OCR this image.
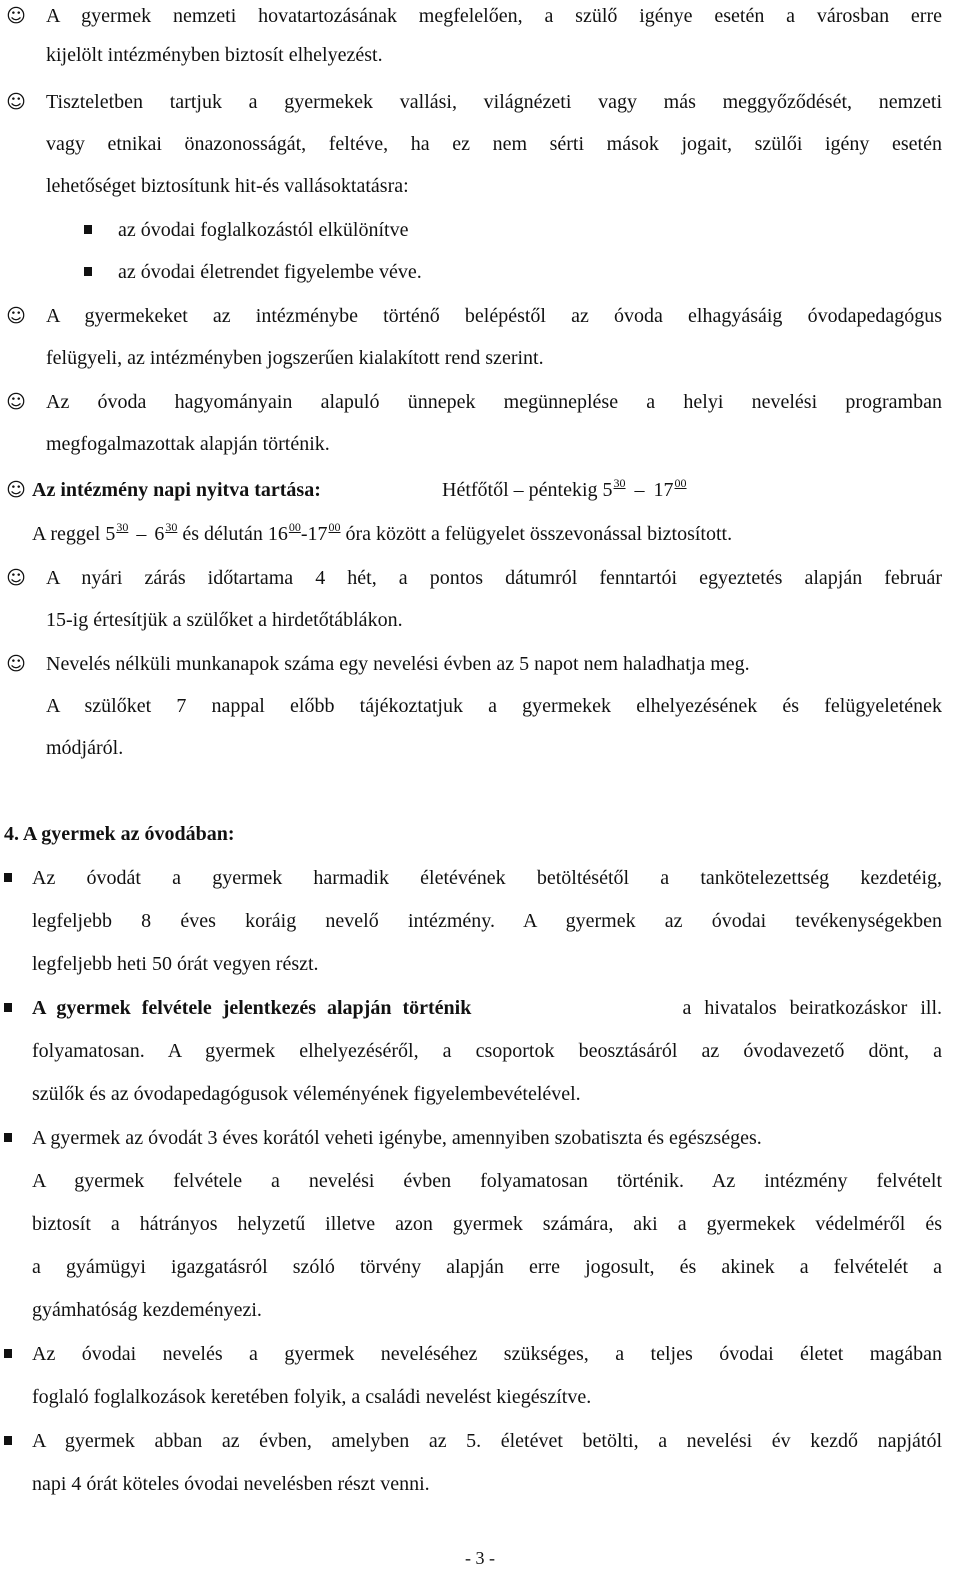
☺ A gyermek nemzeti hovatartozásának megfelelően, a szülő igénye esetén a városban erre
kijelölt intézményben biztosít elhelyezést.
☺ Tiszteletben tartjuk a gyermekek vallási, világnézeti vagy más meggyőződését, nemzeti
vagy etnikai önazonosságát, feltéve, ha ez nem sérti mások jogait, szülői igény esetén
lehetőséget biztosítunk hit-és vallásoktatásra:
az óvodai foglalkozástól elkülönítve
az óvodai életrendet figyelembe véve.
☺ A gyermekeket az intézménybe történő belépéstől az óvoda elhagyásáig óvodapedagógus
felügyeli, az intézményben jogszerűen kialakított rend szerint.
☺ Az óvoda hagyományain alapuló ünnepek megünneplése a helyi nevelési programban
megfogalmazottak alapján történik.
☺ Az intézmény napi nyitva tartása:	Hétfőtől – péntekig $5^{30} - 17^{00}$
A reggel $5^{30} - 6^{30}$ és délután $16^{00}-17^{00}$ óra között a felügyelet összevonással biztosított.
☺ A nyári zárás időtartama 4 hét, a pontos dátumról fenntartói egyeztetés alapján február
15-ig értesítjük a szülőket a hirdetőtáblákon.
☺ Nevelés nélküli munkanapok száma egy nevelési évben az 5 napot nem haladhatja meg.
A szülőket 7 nappal előbb tájékoztatjuk a gyermekek elhelyezésének és felügyeletének
módjáról.
4. A gyermek az óvodában:
Az óvodát a gyermek harmadik életévének betöltésétől a tankötelezettség kezdetéig,
legfeljebb 8 éves koráig nevelő intézmény. A gyermek az óvodai tevékenységekben
legfeljebb heti 50 órát vegyen részt.
A gyermek felvétele jelentkezés alapján történik	a hivatalos beiratkozáskor ill.
folyamatosan. A gyermek elhelyezéséről, a csoportok beosztásáról az óvodavezető dönt, a
szülők és az óvodapedagógusok véleményének figyelembevételével.
A gyermek az óvodát 3 éves korától veheti igénybe, amennyiben szobatiszta és egészséges.
A gyermek felvétele a nevelési évben folyamatosan történik. Az intézmény felvételt
biztosít a hátrányos helyzetű illetve azon gyermek számára, aki a gyermekek védelméről és
a gyámügyi igazgatásról szóló törvény alapján erre jogosult, és akinek a felvételét a
gyámhatóság kezdeményezi.
Az óvodai nevelés a gyermek neveléséhez szükséges, a teljes óvodai életet magában
foglaló foglalkozások keretében folyik, a családi nevelést kiegészítve.
A gyermek abban az évben, amelyben az 5. életévet betölti, a nevelési év kezdő napjától
napi 4 órát köteles óvodai nevelésben részt venni.
- 3 -
